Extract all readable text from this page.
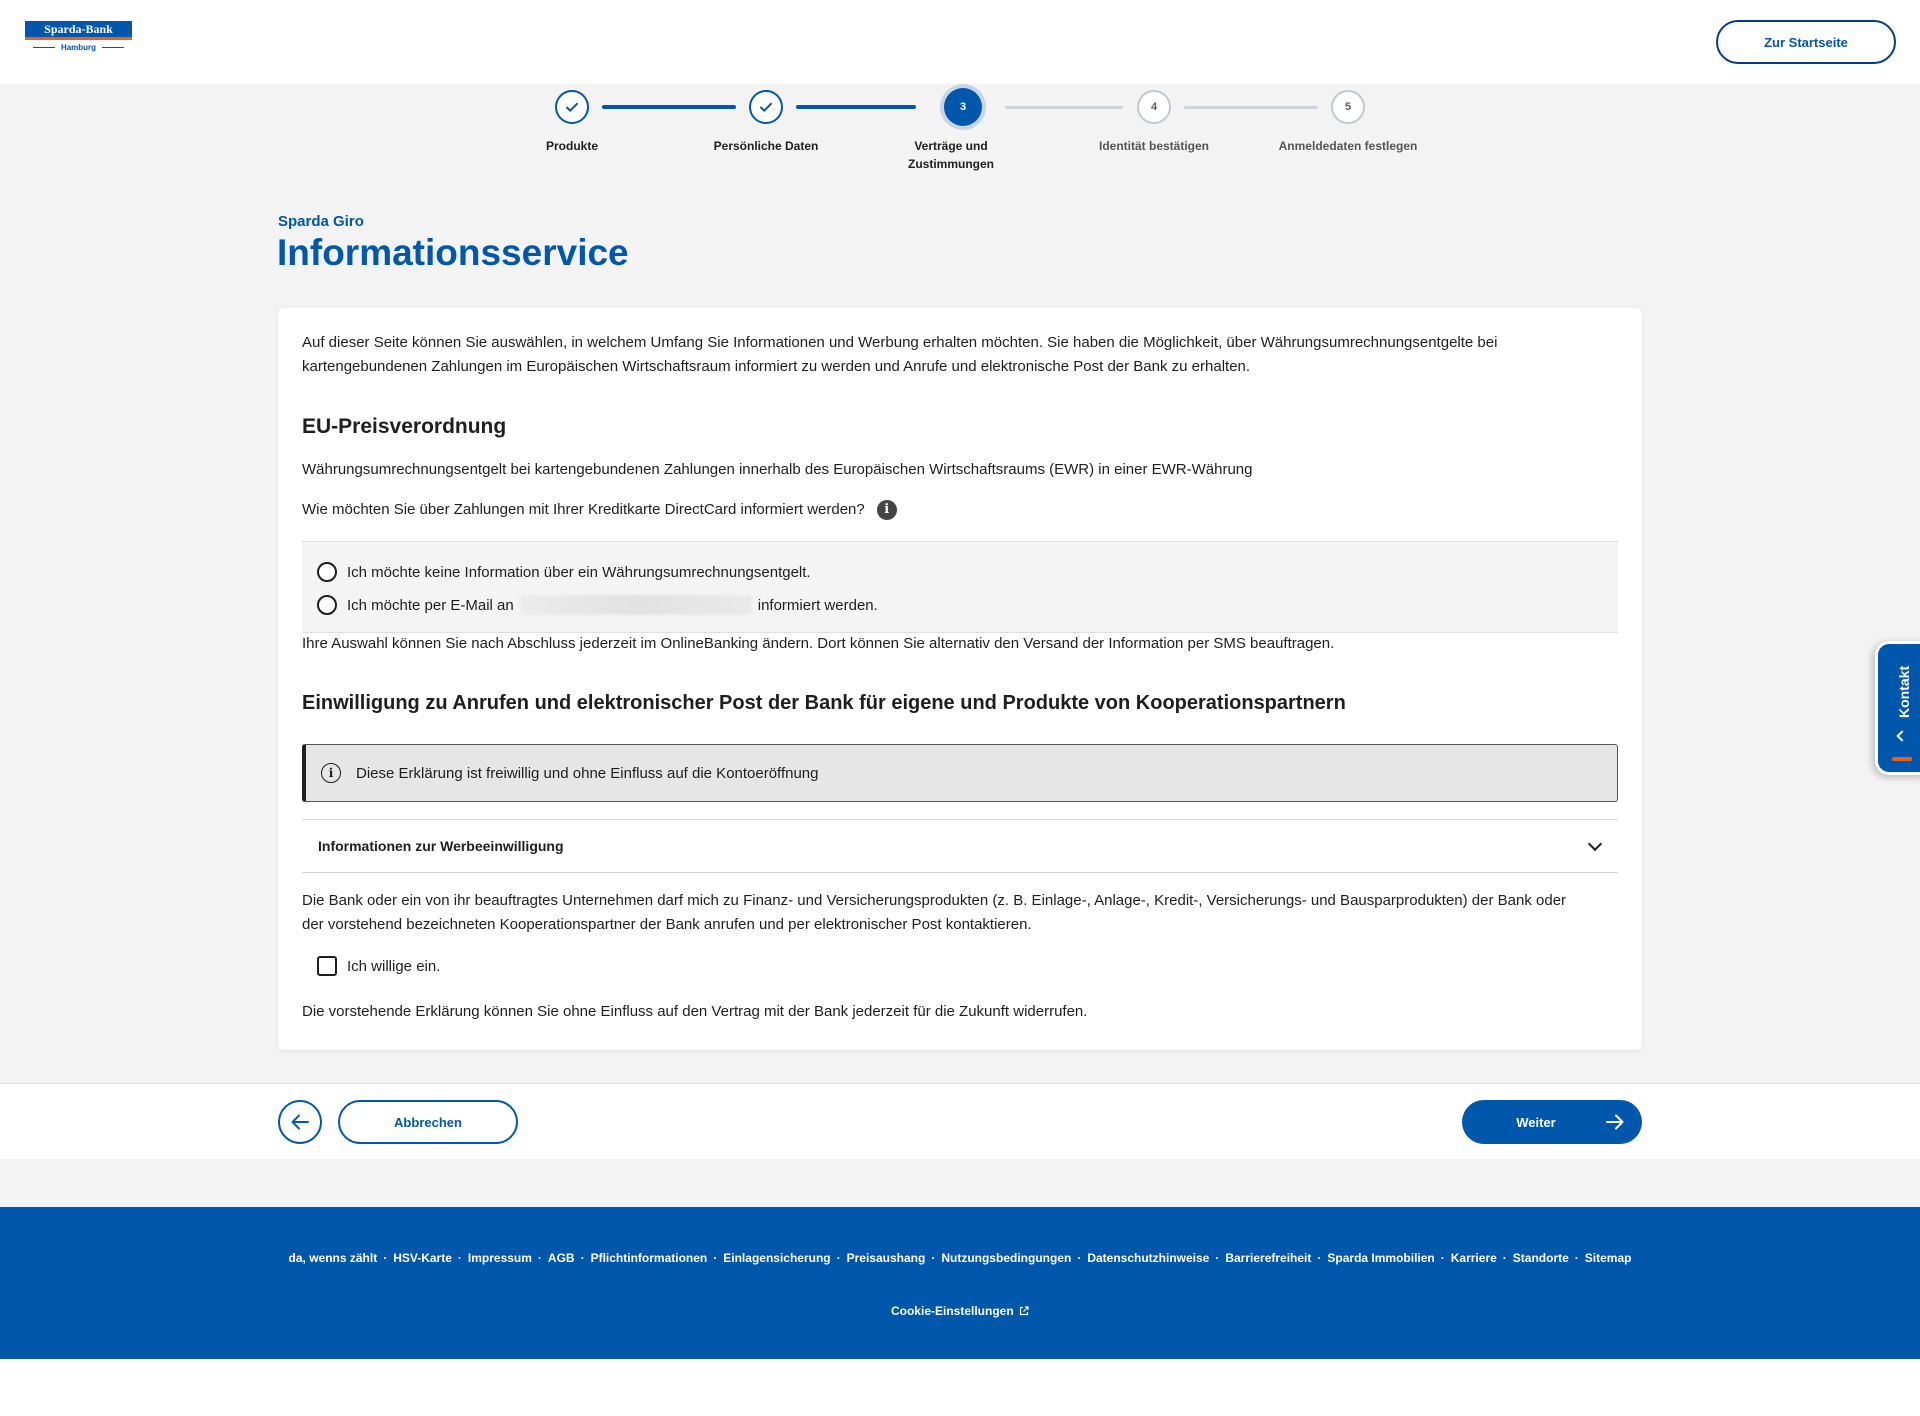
Sparda-Bank
Hamburg	Zur Startseite
3	4	5
Produkte	Persönliche Daten	Verträge und Zustimmungen
Identität bestätigen	Anmeldedaten festlegen
Sparda Giro
Informationsservice
Auf dieser Seite können Sie auswählen, in welchem Umfang Sie Informationen und Werbung erhalten möchten. Sie haben die Möglichkeit, über Währungsumrechnungsentgelte bei
kartengebundenen Zahlungen im Europäischen Wirtschaftsraum informiert zu werden und Anrufe und elektronische Post der Bank zu erhalten.
EU-Preisverordnung
Währungsumrechnungsentgelt bei kartengebundenen Zahlungen innerhalb des Europäischen Wirtschaftsraums (EWR) in einer EWR-Währung
Wie möchten Sie über Zahlungen mit Ihrer Kreditkarte DirectCard informiert werden? i
Ich möchte keine Information über ein Währungsumrechnungsentgelt.
Ich möchte per E-Mail an	informiert werden.
Ihre Auswahl können Sie nach Abschluss jederzeit im OnlineBanking ändern. Dort können Sie alternativ den Versand der Information per SMS beauftragen.
Einwilligung zu Anrufen und elektronischer Post der Bank für eigene und Produkte von Kooperationspartnern
i	Diese Erklärung ist freiwillig und ohne Einfluss auf die Kontoeröffnung
Informationen zur Werbeeinwilligung
Die Bank oder ein von ihr beauftragtes Unternehmen darf mich zu Finanz- und Versicherungsprodukten (z. B. Einlage-, Anlage-, Kredit-, Versicherungs- und Bausparprodukten) der Bank oder
der vorstehend bezeichneten Kooperationspartner der Bank anrufen und per elektronischer Post kontaktieren.
Ich willige ein.
Die vorstehende Erklärung können Sie ohne Einfluss auf den Vertrag mit der Bank jederzeit für die Zukunft widerrufen.
Kontakt
Abbrechen	Weiter
da, wenns zählt · HSV-Karte · Impressum · AGB · Pflichtinformationen · Einlagensicherung · Preisaushang · Nutzungsbedingungen · Datenschutzhinweise · Barrierefreiheit · Sparda Immobilien · Karriere · Standorte · Sitemap
Cookie-Einstellungen
